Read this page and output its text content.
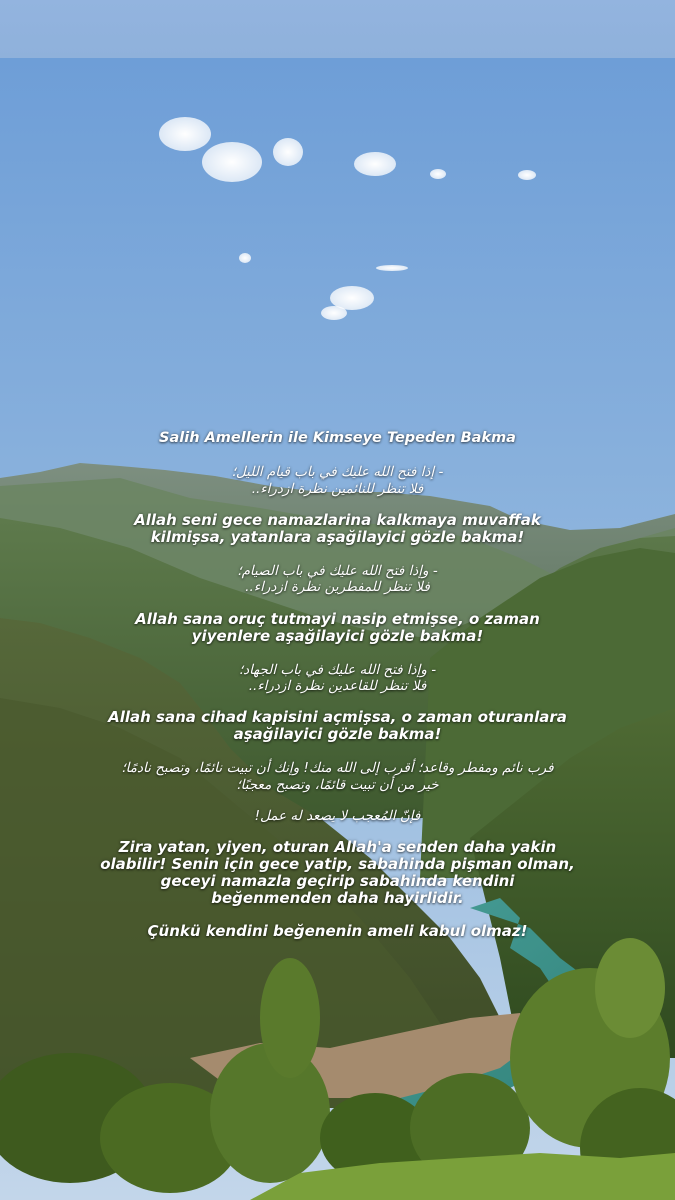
Salih Amellerin ile Kimseye Tepeden Bakma
- إذا فتح الله عليك في باب قيام الليل؛
فلا تنظر للنائمين نظرة ازدراء..
Allah seni gece namazlarina kalkmaya muvaffak
kilmişsa, yatanlara aşağilayici gözle bakma!
- وإذا فتح الله عليك في باب الصيام؛
فلا تنظر للمفطرين نظرة ازدراء..
Allah sana oruç tutmayi nasip etmişse, o zaman
yiyenlere aşağilayici gözle bakma!
- وإذا فتح الله عليك في باب الجهاد؛
فلا تنظر للقاعدين نظرة ازدراء..
Allah sana cihad kapisini açmişsa, o zaman oturanlara
aşağilayici gözle bakma!
فرب نائم ومفطر وقاعد؛ أقرب إلى الله منك! وإنك أن تبيت نائمًا، وتصبح نادمًا؛
خير من أن تبيت قائمًا، وتصبح معجبًا؛
فإنّ المُعجب لا يصعد له عمل!
Zira yatan, yiyen, oturan Allah'a senden daha yakin
olabilir! Senin için gece yatip, sabahinda pişman olman,
geceyi namazla geçirip sabahinda kendini
beğenmenden daha hayirlidir.
Çünkü kendini beğenenin ameli kabul olmaz!
